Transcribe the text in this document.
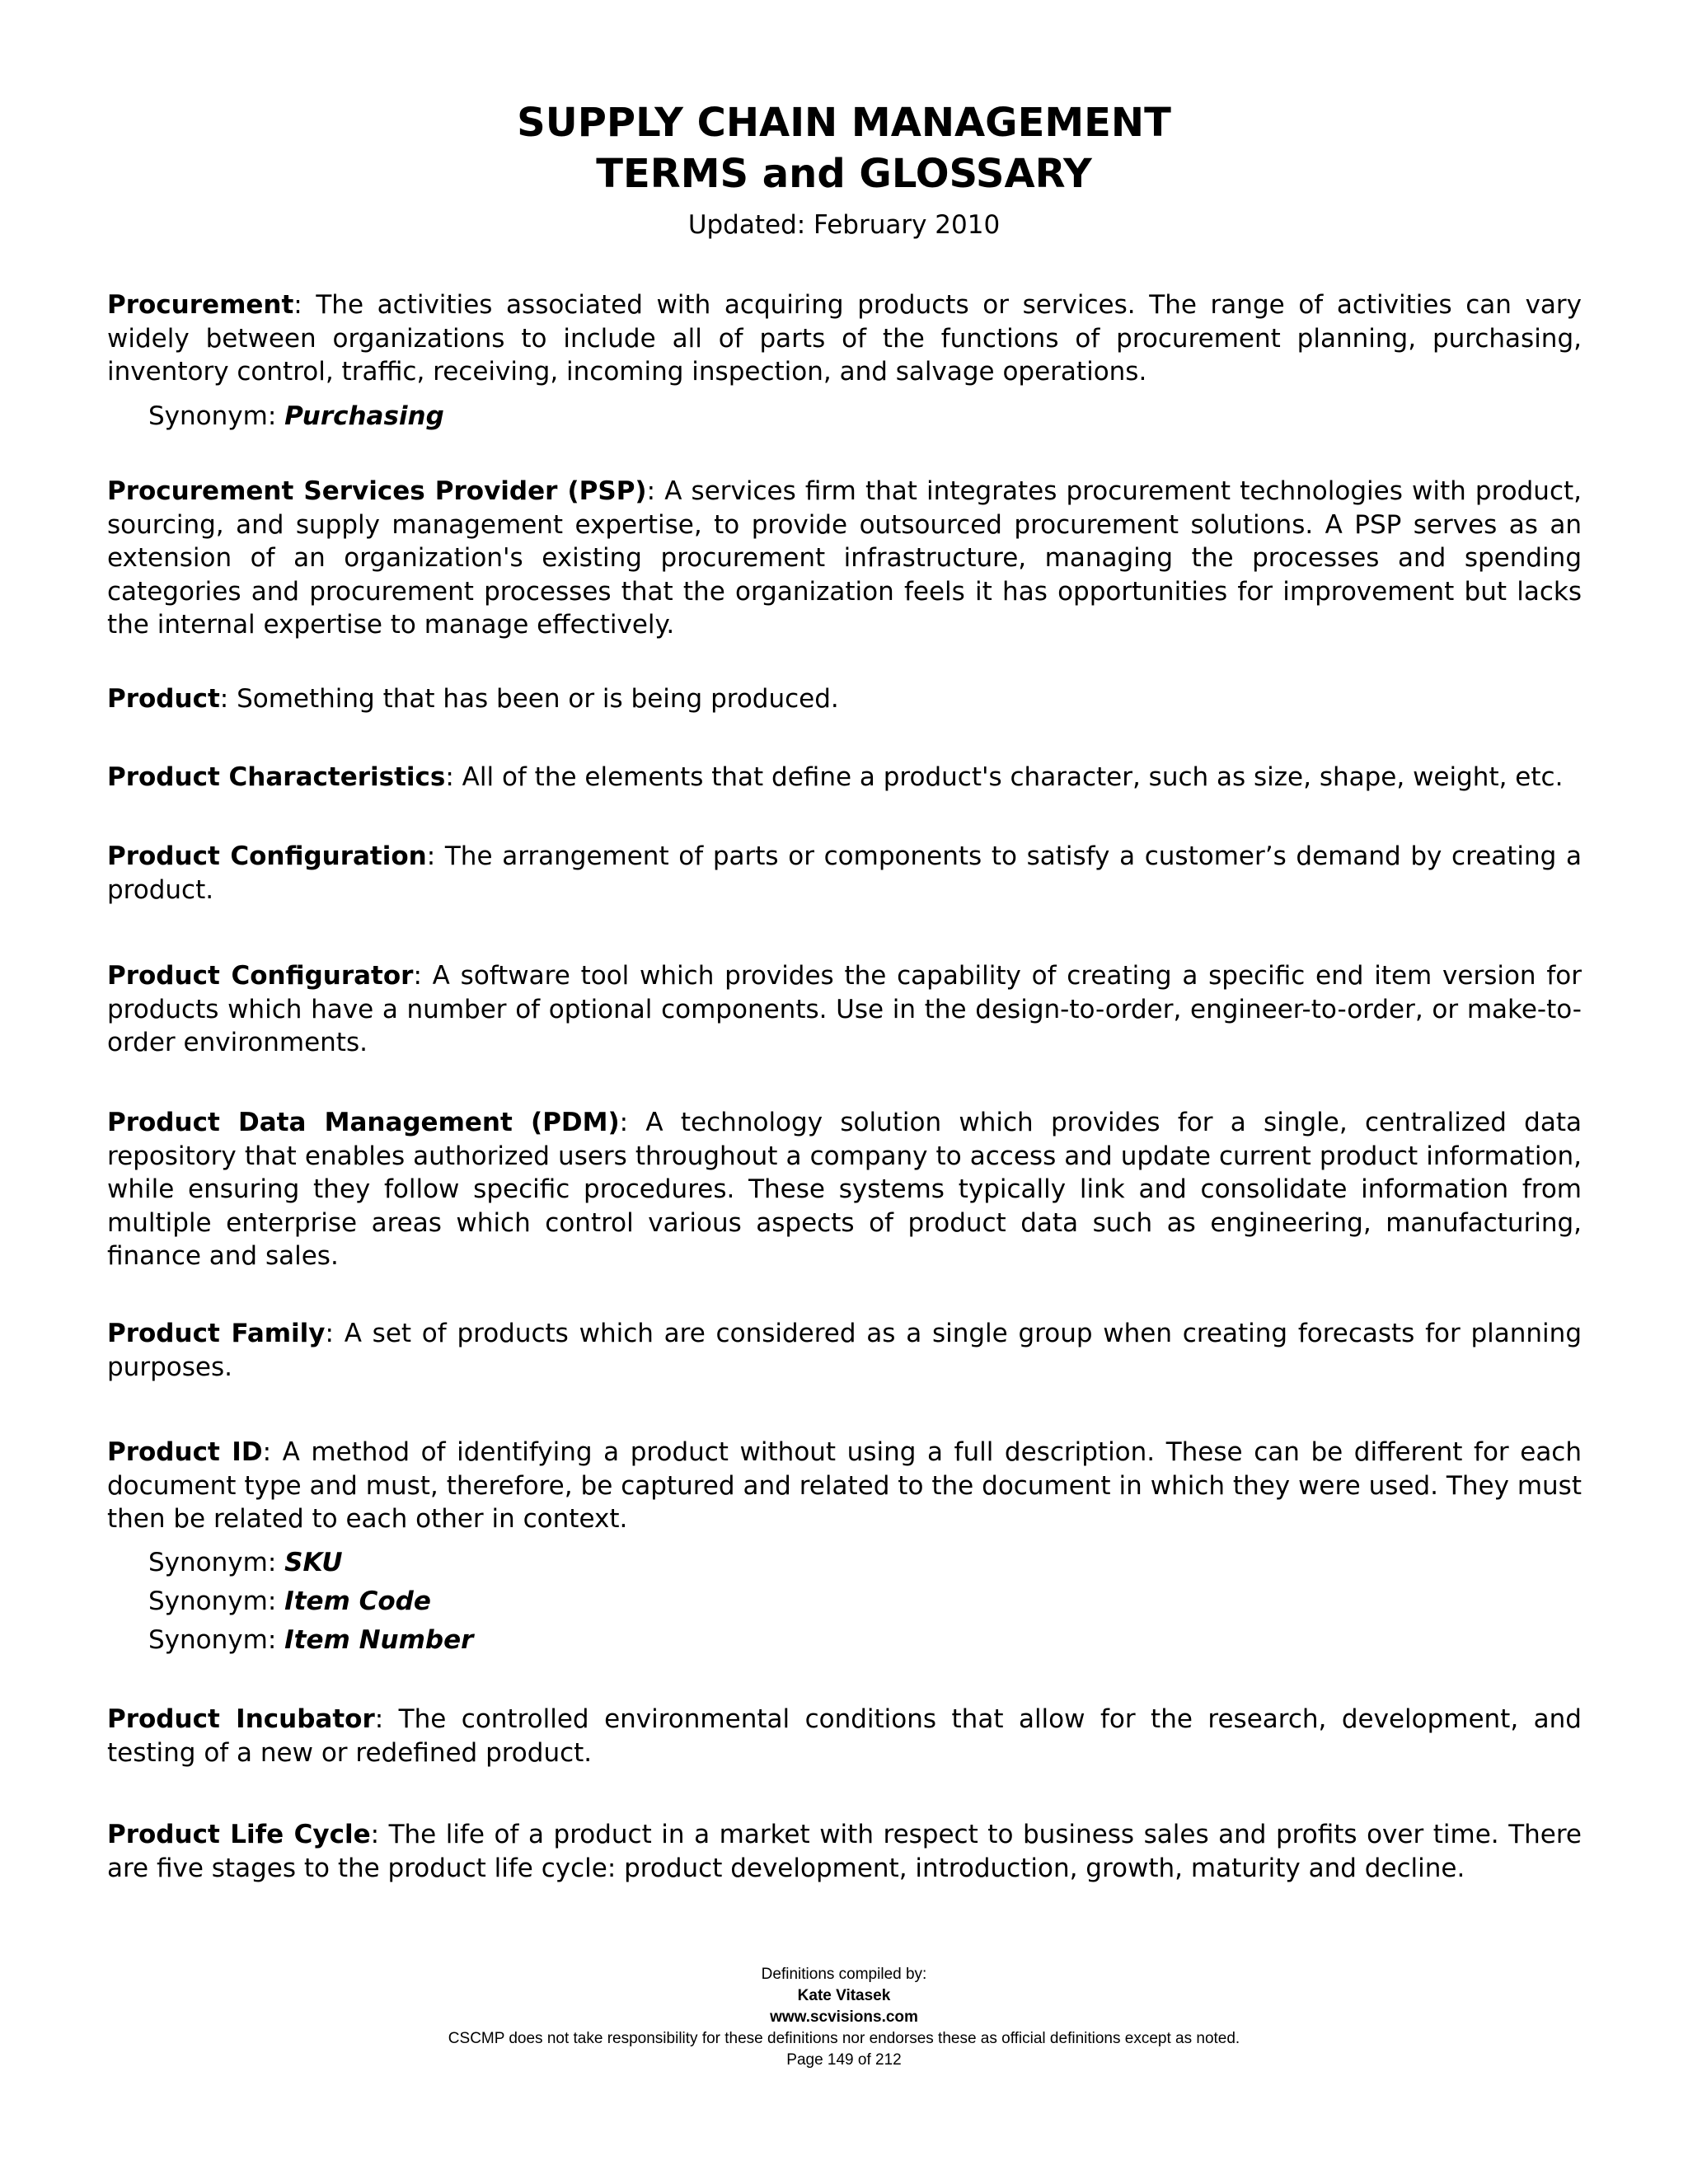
SUPPLY CHAIN MANAGEMENT
TERMS and GLOSSARY
Updated: February 2010

Procurement: The activities associated with acquiring products or services. The range of activities can vary widely between organizations to include all of parts of the functions of procurement planning, purchasing, inventory control, traffic, receiving, incoming inspection, and salvage operations.

Synonym: Purchasing

Procurement Services Provider (PSP): A services firm that integrates procurement technologies with product, sourcing, and supply management expertise, to provide outsourced procurement solutions. A PSP serves as an extension of an organization's existing procurement infrastructure, managing the processes and spending categories and procurement processes that the organization feels it has opportunities for improvement but lacks the internal expertise to manage effectively.

Product: Something that has been or is being produced.

Product Characteristics: All of the elements that define a product's character, such as size, shape, weight, etc.

Product Configuration: The arrangement of parts or components to satisfy a customer’s demand by creating a product.

Product Configurator: A software tool which provides the capability of creating a specific end item version for products which have a number of optional components. Use in the design-to-order, engineer-to-order, or make-to-order environments.

Product Data Management (PDM): A technology solution which provides for a single, centralized data repository that enables authorized users throughout a company to access and update current product information, while ensuring they follow specific procedures. These systems typically link and consolidate information from multiple enterprise areas which control various aspects of product data such as engineering, manufacturing, finance and sales.

Product Family: A set of products which are considered as a single group when creating forecasts for planning purposes.

Product ID: A method of identifying a product without using a full description. These can be different for each document type and must, therefore, be captured and related to the document in which they were used. They must then be related to each other in context.

Synonym: SKU
Synonym: Item Code
Synonym: Item Number

Product Incubator: The controlled environmental conditions that allow for the research, development, and testing of a new or redefined product.

Product Life Cycle: The life of a product in a market with respect to business sales and profits over time. There are five stages to the product life cycle: product development, introduction, growth, maturity and decline.

Definitions compiled by:
Kate Vitasek
www.scvisions.com
CSCMP does not take responsibility for these definitions nor endorses these as official definitions except as noted.
Page 149 of 212
